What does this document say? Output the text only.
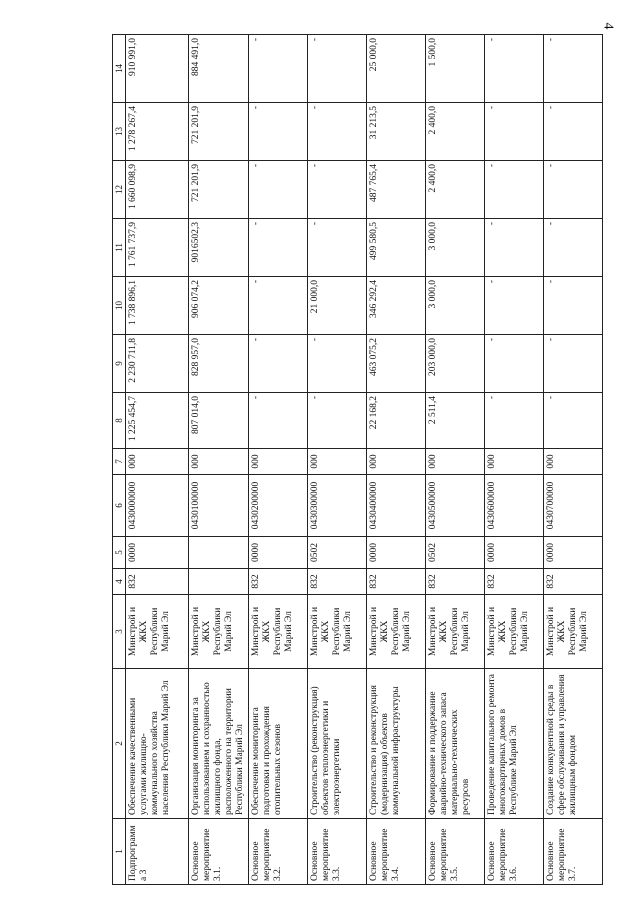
4
1	2	3	4	5	6	7	8	9	10	11	12	13	14
Подпрограмма 3	Обеспечение качественными услугами жилищно-коммунального хозяйства населения Республики Марий Эл	Минстрой и ЖКХ Республики Марий Эл	832	0000	0430000000	000	1 225 454,7	2 230 711,8	1 738 896,1	1 761 737,9	1 660 098,9	1 278 267,4	910 991,0
Основное мероприятие 3.1.	Организация мониторинга за использованием и сохранностью жилищного фонда, расположенного на территории Республики Марий Эл	Минстрой и ЖКХ Республики Марий Эл			0430100000	000	807 014,0	828 957,0	906 074,2	9016502,3	721 201,9	721 201,9	884 491,0
Основное мероприятие 3.2.	Обеспечение мониторинга подготовки и прохождения отопительных сезонов	Минстрой и ЖКХ Республики Марий Эл	832	0000	0430200000	000	-	-	-	-	-	-	-
Основное мероприятие 3.3.	Строительство (реконструкция) объектов теплоэнергетики и электроэнергетики	Минстрой и ЖКХ Республики Марий Эл	832	0502	0430300000	000	-	-	21 000,0	-	-	-	-
Основное мероприятие 3.4.	Строительство и реконструкция (модернизация) объектов коммунальной инфраструктуры	Минстрой и ЖКХ Республики Марий Эл	832	0000	0430400000	000	22 168,2	463 075,2	346 292,4	499 580,5	487 765,4	31 213,5	25 000,0
Основное мероприятие 3.5.	Формирование и поддержание аварийно-технического запаса материально-технических ресурсов	Минстрой и ЖКХ Республики Марий Эл	832	0502	0430500000	000	2 511,4	203 000,0	3 000,0	3 000,0	2 400,0	2 400,0	1 500,0
Основное мероприятие 3.6.	Проведение капитального ремонта многоквартирных домов в Республике Марий Эл	Минстрой и ЖКХ Республики Марий Эл	832	0000	0430600000	000	-	-	-	-	-	-	-
Основное мероприятие 3.7.	Создание конкурентной среды в сфере обслуживания и управления жилищным фондом	Минстрой и ЖКХ Республики Марий Эл	832	0000	0430700000	000	-	-	-	-	-	-	-
